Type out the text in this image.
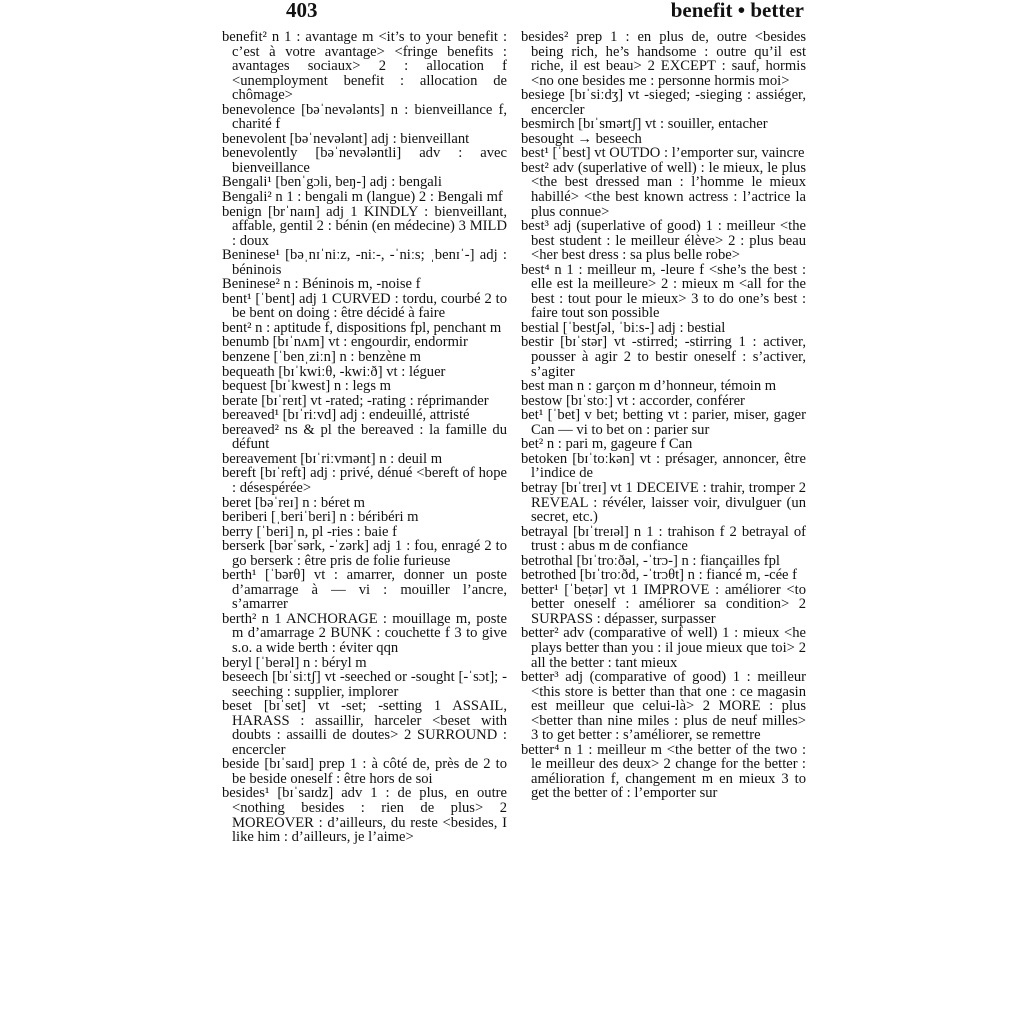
403	benefit • better

benefit² n 1 : avantage m <it’s to your benefit : c’est à votre avantage> <fringe benefits : avantages sociaux> 2 : allocation f <unemployment benefit : allocation de chômage>

benevolence [bəˈnevələnts] n : bienveillance f, charité f

benevolent [bəˈnevələnt] adj : bienveillant

benevolently [bəˈnevələntli] adv : avec bienveillance

Bengali¹ [benˈgɔli, beŋ-] adj : bengali

Bengali² n 1 : bengali m (langue) 2 : Bengali mf

benign [brˈnaɪn] adj 1 KINDLY : bienveillant, affable, gentil 2 : bénin (en médecine) 3 MILD : doux

Beninese¹ [bəˌnɪˈniːz, -niː-, -ˈniːs; ˌbenɪˈ-] adj : béninois

Beninese² n : Béninois m, -noise f

bent¹ [ˈbent] adj 1 CURVED : tordu, courbé 2 to be bent on doing : être décidé à faire

bent² n : aptitude f, dispositions fpl, penchant m

benumb [bɪˈnʌm] vt : engourdir, endormir

benzene [ˈbenˌziːn] n : benzène m

bequeath [bɪˈkwiːθ, -kwiːð] vt : léguer

bequest [bɪˈkwest] n : legs m

berate [bɪˈreɪt] vt -rated; -rating : réprimander

bereaved¹ [bɪˈriːvd] adj : endeuillé, attristé

bereaved² ns & pl the bereaved : la famille du défunt

bereavement [bɪˈriːvmənt] n : deuil m

bereft [bɪˈreft] adj : privé, dénué <bereft of hope : désespérée>

beret [bəˈreɪ] n : béret m

beriberi [ˌberiˈberi] n : béribéri m

berry [ˈberi] n, pl -ries : baie f

berserk [bərˈsərk, -ˈzərk] adj 1 : fou, enragé 2 to go berserk : être pris de folie furieuse

berth¹ [ˈbərθ] vt : amarrer, donner un poste d’amarrage à — vi : mouiller l’ancre, s’amarrer

berth² n 1 ANCHORAGE : mouillage m, poste m d’amarrage 2 BUNK : couchette f 3 to give s.o. a wide berth : éviter qqn

beryl [ˈberəl] n : béryl m

beseech [bɪˈsiːtʃ] vt -seeched or -sought [-ˈsɔt]; -seeching : supplier, implorer

beset [bɪˈset] vt -set; -setting 1 ASSAIL, HARASS : assaillir, harceler <beset with doubts : assailli de doutes> 2 SURROUND : encercler

beside [bɪˈsaɪd] prep 1 : à côté de, près de 2 to be beside oneself : être hors de soi

besides¹ [bɪˈsaɪdz] adv 1 : de plus, en outre <nothing besides : rien de plus> 2 MOREOVER : d’ailleurs, du reste <besides, I like him : d’ailleurs, je l’aime>

besides² prep 1 : en plus de, outre <besides being rich, he’s handsome : outre qu’il est riche, il est beau> 2 EXCEPT : sauf, hormis <no one besides me : personne hormis moi>

besiege [bɪˈsiːdʒ] vt -sieged; -sieging : assiéger, encercler

besmirch [bɪˈsmərtʃ] vt : souiller, entacher

besought → beseech

best¹ [ˈbest] vt OUTDO : l’emporter sur, vaincre

best² adv (superlative of well) : le mieux, le plus <the best dressed man : l’homme le mieux habillé> <the best known actress : l’actrice la plus connue>

best³ adj (superlative of good) 1 : meilleur <the best student : le meilleur élève> 2 : plus beau <her best dress : sa plus belle robe>

best⁴ n 1 : meilleur m, -leure f <she’s the best : elle est la meilleure> 2 : mieux m <all for the best : tout pour le mieux> 3 to do one’s best : faire tout son possible

bestial [ˈbestʃəl, ˈbiːs-] adj : bestial

bestir [bɪˈstər] vt -stirred; -stirring 1 : activer, pousser à agir 2 to bestir oneself : s’activer, s’agiter

best man n : garçon m d’honneur, témoin m

bestow [bɪˈstoː] vt : accorder, conférer

bet¹ [ˈbet] v bet; betting vt : parier, miser, gager Can — vi to bet on : parier sur

bet² n : pari m, gageure f Can

betoken [bɪˈtoːkən] vt : présager, annoncer, être l’indice de

betray [bɪˈtreɪ] vt 1 DECEIVE : trahir, tromper 2 REVEAL : révéler, laisser voir, divulguer (un secret, etc.)

betrayal [bɪˈtreɪəl] n 1 : trahison f 2 betrayal of trust : abus m de confiance

betrothal [bɪˈtroːðəl, -ˈtrɔ-] n : fiançailles fpl

betrothed [bɪˈtroːðd, -ˈtrɔθt] n : fiancé m, -cée f

better¹ [ˈbeṭər] vt 1 IMPROVE : améliorer <to better oneself : améliorer sa condition> 2 SURPASS : dépasser, surpasser

better² adv (comparative of well) 1 : mieux <he plays better than you : il joue mieux que toi> 2 all the better : tant mieux

better³ adj (comparative of good) 1 : meilleur <this store is better than that one : ce magasin est meilleur que celui-là> 2 MORE : plus <better than nine miles : plus de neuf milles> 3 to get better : s’améliorer, se remettre

better⁴ n 1 : meilleur m <the better of the two : le meilleur des deux> 2 change for the better : amélioration f, changement m en mieux 3 to get the better of : l’emporter sur
